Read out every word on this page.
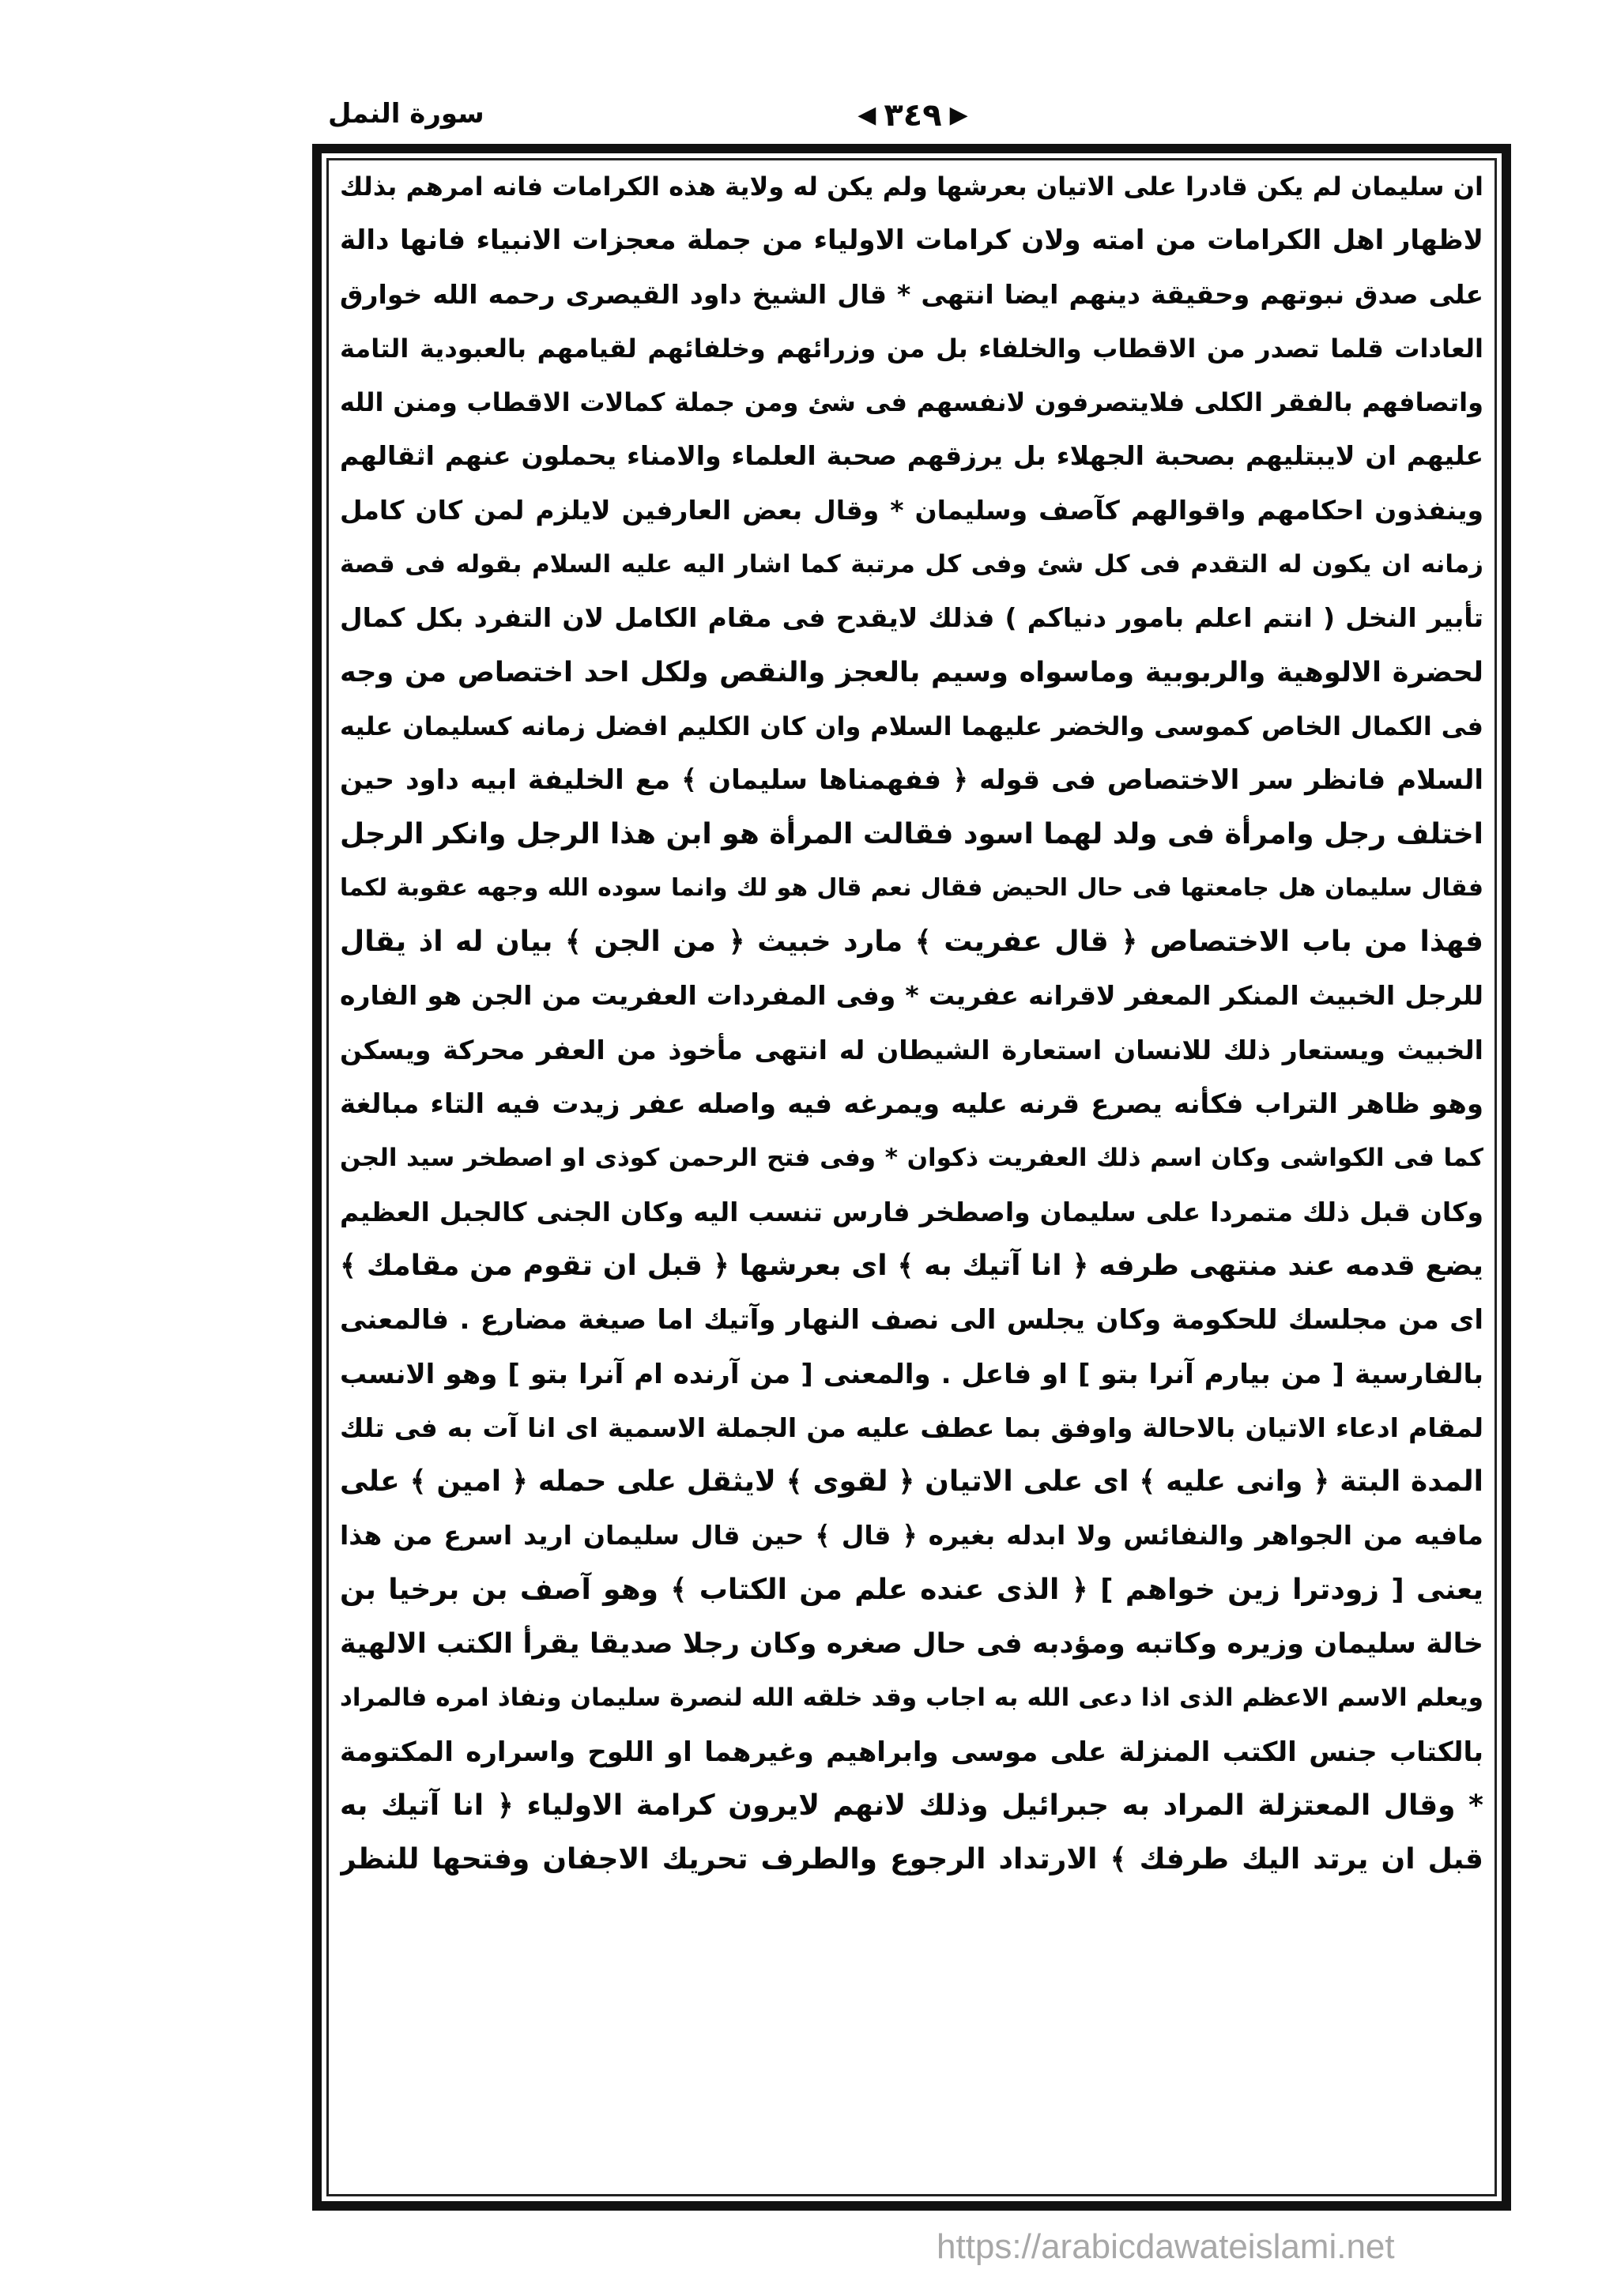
سورة النمل	◀ ٣٤٩ ▶
ان سليمان لم يكن قادرا على الاتيان بعرشها ولم يكن له ولاية هذه الكرامات فانه امرهم بذلك
لاظهار اهل الكرامات من امته ولان كرامات الاولياء من جملة معجزات الانبياء فانها دالة
على صدق نبوتهم وحقيقة دينهم ايضا انتهى * قال الشيخ داود القيصرى رحمه الله خوارق
العادات قلما تصدر من الاقطاب والخلفاء بل من وزرائهم وخلفائهم لقيامهم بالعبودية التامة
واتصافهم بالفقر الكلى فلايتصرفون لانفسهم فى شئ ومن جملة كمالات الاقطاب ومنن الله
عليهم ان لايبتليهم بصحبة الجهلاء بل يرزقهم صحبة العلماء والامناء يحملون عنهم اثقالهم
وينفذون احكامهم واقوالهم كآصف وسليمان * وقال بعض العارفين لايلزم لمن كان كامل
زمانه ان يكون له التقدم فى كل شئ وفى كل مرتبة كما اشار اليه عليه السلام بقوله فى قصة
تأبير النخل ( انتم اعلم بامور دنياكم ) فذلك لايقدح فى مقام الكامل لان التفرد بكل كمال
لحضرة الالوهية والربوبية وماسواه وسيم بالعجز والنقص ولكل احد اختصاص من وجه
فى الكمال الخاص كموسى والخضر عليهما السلام وان كان الكليم افضل زمانه كسليمان عليه
السلام فانظر سر الاختصاص فى قوله ﴿ ففهمناها سليمان ﴾ مع الخليفة ابيه داود حين
اختلف رجل وامرأة فى ولد لهما اسود فقالت المرأة هو ابن هذا الرجل وانكر الرجل
فقال سليمان هل جامعتها فى حال الحيض فقال نعم قال هو لك وانما سوده الله وجهه عقوبة لكما
فهذا من باب الاختصاص ﴿ قال عفريت ﴾ مارد خبيث ﴿ من الجن ﴾ بيان له اذ يقال
للرجل الخبيث المنكر المعفر لاقرانه عفريت * وفى المفردات العفريت من الجن هو الفاره
الخبيث ويستعار ذلك للانسان استعارة الشيطان له انتهى مأخوذ من العفر محركة ويسكن
وهو ظاهر التراب فكأنه يصرع قرنه عليه ويمرغه فيه واصله عفر زيدت فيه التاء مبالغة
كما فى الكواشى وكان اسم ذلك العفريت ذكوان * وفى فتح الرحمن كوذى او اصطخر سيد الجن
وكان قبل ذلك متمردا على سليمان واصطخر فارس تنسب اليه وكان الجنى كالجبل العظيم
يضع قدمه عند منتهى طرفه ﴿ انا آتيك به ﴾ اى بعرشها ﴿ قبل ان تقوم من مقامك ﴾
اى من مجلسك للحكومة وكان يجلس الى نصف النهار وآتيك اما صيغة مضارع . فالمعنى
بالفارسية [ من بيارم آنرا بتو ] او فاعل . والمعنى [ من آرنده ام آنرا بتو ] وهو الانسب
لمقام ادعاء الاتيان بالاحالة واوفق بما عطف عليه من الجملة الاسمية اى انا آت به فى تلك
المدة البتة ﴿ وانى عليه ﴾ اى على الاتيان ﴿ لقوى ﴾ لايثقل على حمله ﴿ امين ﴾ على
مافيه من الجواهر والنفائس ولا ابدله بغيره ﴿ قال ﴾ حين قال سليمان اريد اسرع من هذا
يعنى [ زودترا زين خواهم ] ﴿ الذى عنده علم من الكتاب ﴾ وهو آصف بن برخيا بن
خالة سليمان وزيره وكاتبه ومؤدبه فى حال صغره وكان رجلا صديقا يقرأ الكتب الالهية
ويعلم الاسم الاعظم الذى اذا دعى الله به اجاب وقد خلقه الله لنصرة سليمان ونفاذ امره فالمراد
بالكتاب جنس الكتب المنزلة على موسى وابراهيم وغيرهما او اللوح واسراره المكتومة
* وقال المعتزلة المراد به جبرائيل وذلك لانهم لايرون كرامة الاولياء ﴿ انا آتيك به
قبل ان يرتد اليك طرفك ﴾ الارتداد الرجوع والطرف تحريك الاجفان وفتحها للنظر
https://arabicdawateislami.net
